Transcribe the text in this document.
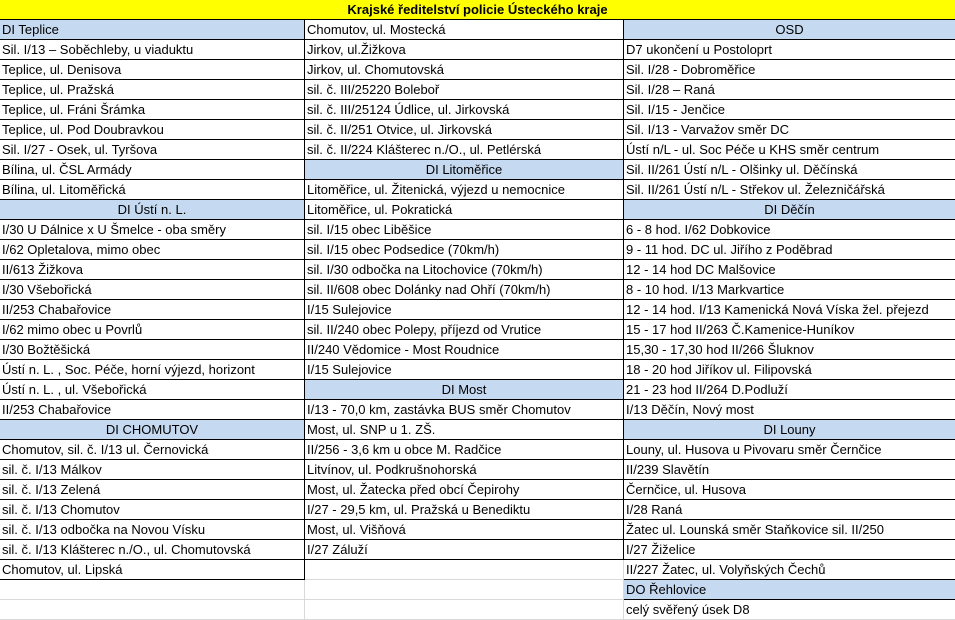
Krajské ředitelství policie Ústeckého kraje
DI Teplice
Sil. I/13 – Soběchleby, u viaduktu
Teplice, ul. Denisova
Teplice, ul. Pražská
Teplice, ul. Fráni Šrámka
Teplice, ul. Pod Doubravkou
Sil. I/27 - Osek, ul. Tyršova
Bílina, ul. ČSL Armády
Bílina, ul. Litoměřická
DI Ústí n. L.
I/30 U Dálnice x U Šmelce - oba směry
I/62 Opletalova, mimo obec
II/613 Žižkova
I/30 Všebořická
II/253 Chabařovice
I/62 mimo obec u Povrlů
I/30 Božtěšická
Ústí n. L. , Soc. Péče, horní výjezd, horizont
Ústí n. L. , ul. Všebořická
II/253 Chabařovice
DI CHOMUTOV
Chomutov, sil. č. I/13 ul. Černovická
sil. č. I/13 Málkov
sil. č. I/13 Zelená
sil. č. I/13 Chomutov
sil. č. I/13 odbočka na Novou Vísku
sil. č. I/13 Klášterec n./O., ul. Chomutovská
Chomutov, ul. Lipská
Chomutov, ul. Mostecká
Jirkov, ul.Žižkova
Jirkov, ul. Chomutovská
sil. č. III/25220 Boleboř
sil. č. III/25124 Údlice, ul. Jirkovská
sil. č. II/251 Otvice, ul. Jirkovská
sil. č. II/224 Klášterec n./O., ul. Petlérská
DI Litoměřice
Litoměřice, ul. Žitenická, výjezd u nemocnice
Litoměřice, ul. Pokratická
sil. I/15 obec Liběšice
sil. I/15 obec Podsedice (70km/h)
sil. I/30 odbočka na Litochovice (70km/h)
sil. II/608 obec Dolánky nad Ohří (70km/h)
I/15 Sulejovice
sil. II/240 obec Polepy, příjezd od Vrutice
II/240 Vědomice - Most Roudnice
I/15 Sulejovice
DI Most
I/13 - 70,0 km, zastávka BUS směr Chomutov
Most, ul. SNP u 1. ZŠ.
II/256 - 3,6 km u obce M. Radčice
Litvínov, ul. Podkrušnohorská
Most, ul. Žatecka před obcí Čepirohy
I/27 - 29,5 km, ul. Pražská u Benediktu
Most, ul. Višňová
I/27 Záluží
OSD
D7 ukončení u Postoloprt
Sil. I/28 - Dobroměřice
Sil. I/28 – Raná
Sil. I/15 - Jenčice
Sil. I/13 - Varvažov směr DC
Ústí n/L - ul. Soc Péče u KHS směr centrum
Sil. II/261 Ústí n/L - Olšinky ul. Děčínská
Sil. II/261 Ústí n/L - Střekov ul. Železničářská
DI Děčín
6 - 8 hod. I/62 Dobkovice
9 - 11 hod. DC ul. Jiřího z Poděbrad
12 - 14 hod DC Malšovice
8 - 10 hod. I/13 Markvartice
12 - 14 hod. I/13 Kamenická Nová Víska žel. přejezd
15 - 17 hod II/263 Č.Kamenice-Huníkov
15,30 - 17,30 hod II/266 Šluknov
18 - 20 hod Jiříkov ul. Filipovská
21 - 23 hod II/264 D.Podluží
I/13 Děčín, Nový most
DI Louny
Louny, ul. Husova u Pivovaru směr Černčice
II/239 Slavětín
Černčice, ul. Husova
I/28 Raná
Žatec ul. Lounská směr Staňkovice sil. II/250
I/27 Žiželice
II/227 Žatec, ul. Volyňských Čechů
DO Řehlovice
celý svěřený úsek D8
